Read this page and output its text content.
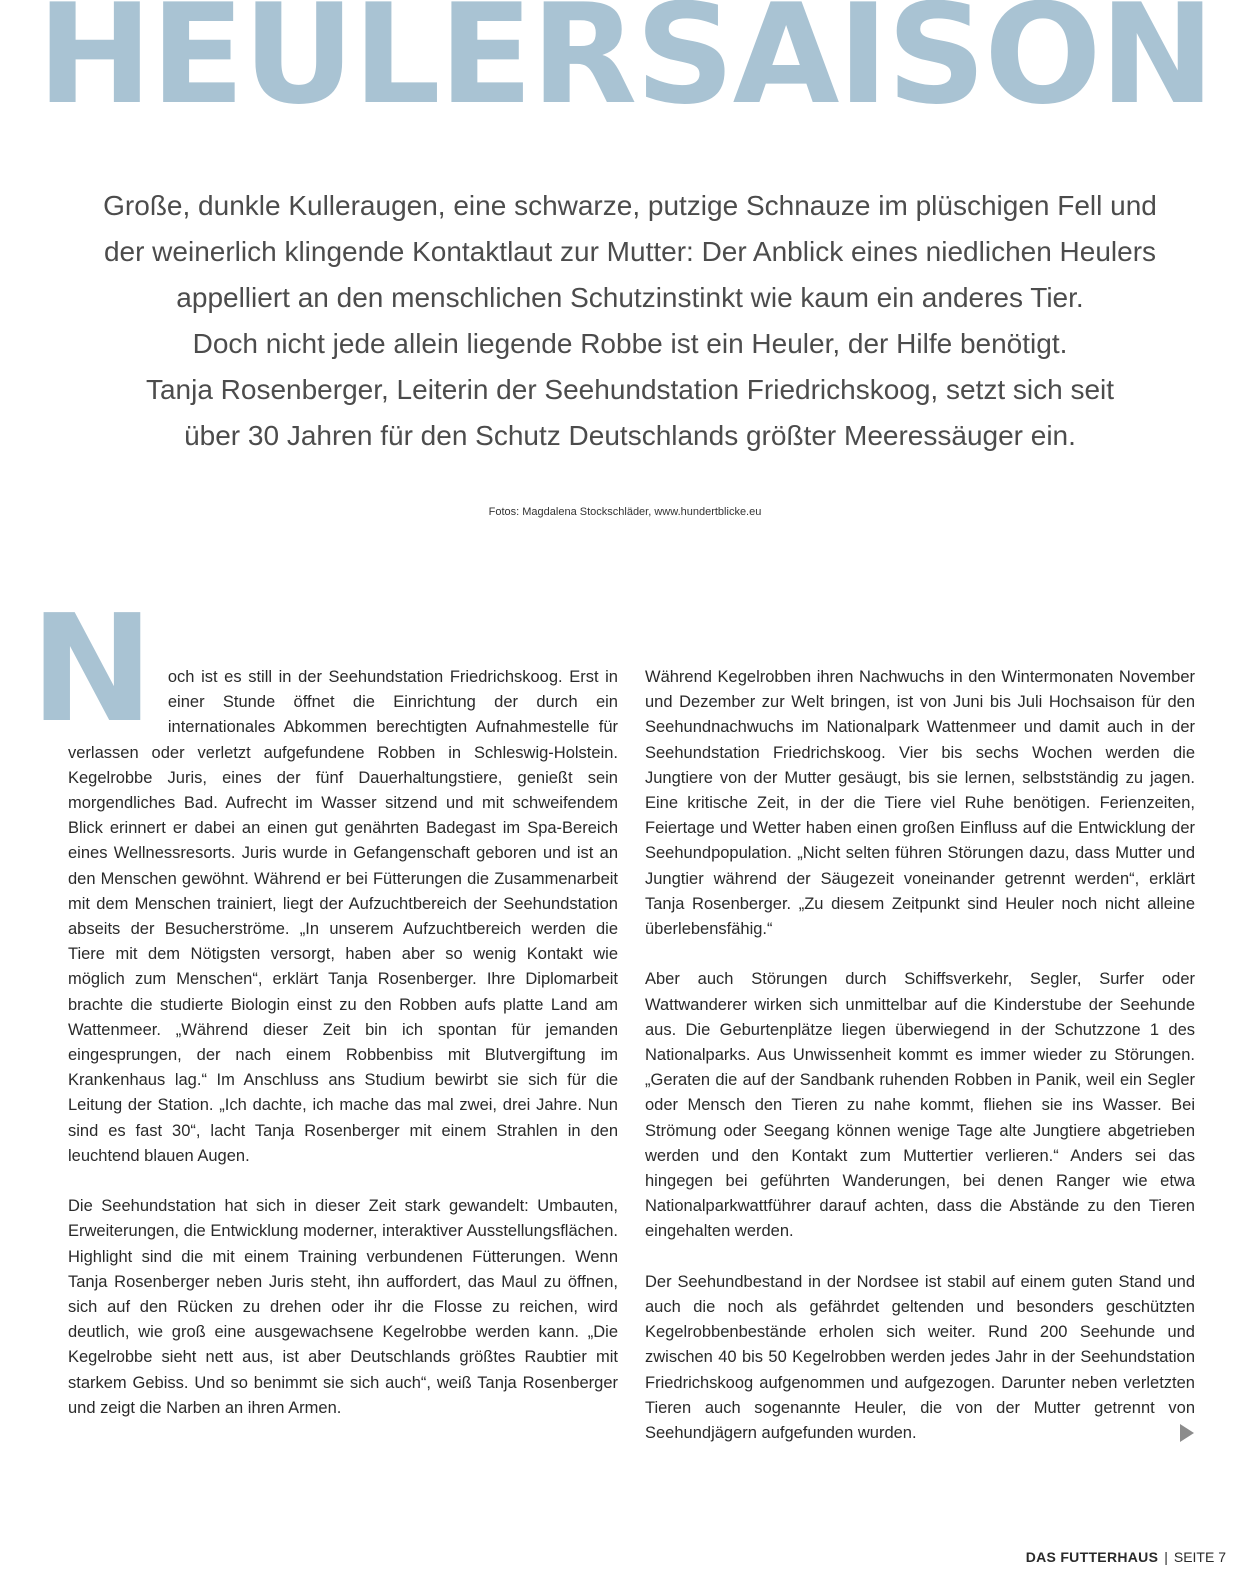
HEULERSAISON
Große, dunkle Kulleraugen, eine schwarze, putzige Schnauze im plüschigen Fell und
der weinerlich klingende Kontaktlaut zur Mutter: Der Anblick eines niedlichen Heulers
appelliert an den menschlichen Schutzinstinkt wie kaum ein anderes Tier.
Doch nicht jede allein liegende Robbe ist ein Heuler, der Hilfe benötigt.
Tanja Rosenberger, Leiterin der Seehundstation Friedrichskoog, setzt sich seit
über 30 Jahren für den Schutz Deutschlands größter Meeressäuger ein.
Fotos: Magdalena Stockschläder, www.hundertblicke.eu

Noch ist es still in der Seehundstation Friedrichskoog. Erst in einer Stunde öffnet die Einrichtung der durch ein internationales Abkommen berechtigten Aufnahmestelle für verlassen oder verletzt aufgefundene Robben in Schleswig-Holstein. Kegelrobbe Juris, eines der fünf Dauerhaltungstiere, genießt sein morgendliches Bad. Aufrecht im Wasser sitzend und mit schweifendem Blick erinnert er dabei an einen gut genährten Badegast im Spa-Bereich eines Wellnessresorts. Juris wurde in Gefangenschaft geboren und ist an den Menschen gewöhnt. Während er bei Fütterungen die Zusammenarbeit mit dem Menschen trainiert, liegt der Aufzuchtbereich der Seehundstation abseits der Besucherströme. „In unserem Aufzuchtbereich werden die Tiere mit dem Nötigsten versorgt, haben aber so wenig Kontakt wie möglich zum Menschen“, erklärt Tanja Rosenberger. Ihre Diplomarbeit brachte die studierte Biologin einst zu den Robben aufs platte Land am Wattenmeer. „Während dieser Zeit bin ich spontan für jemanden eingesprungen, der nach einem Robbenbiss mit Blutvergiftung im Krankenhaus lag.“ Im Anschluss ans Studium bewirbt sie sich für die Leitung der Station. „Ich dachte, ich mache das mal zwei, drei Jahre. Nun sind es fast 30“, lacht Tanja Rosenberger mit einem Strahlen in den leuchtend blauen Augen.

Die Seehundstation hat sich in dieser Zeit stark gewandelt: Umbauten, Erweiterungen, die Entwicklung moderner, interaktiver Ausstellungsflächen. Highlight sind die mit einem Training verbundenen Fütterungen. Wenn Tanja Rosenberger neben Juris steht, ihn auffordert, das Maul zu öffnen, sich auf den Rücken zu drehen oder ihr die Flosse zu reichen, wird deutlich, wie groß eine ausgewachsene Kegelrobbe werden kann. „Die Kegelrobbe sieht nett aus, ist aber Deutschlands größtes Raubtier mit starkem Gebiss. Und so benimmt sie sich auch“, weiß Tanja Rosenberger und zeigt die Narben an ihren Armen.

Während Kegelrobben ihren Nachwuchs in den Wintermonaten November und Dezember zur Welt bringen, ist von Juni bis Juli Hochsaison für den Seehundnachwuchs im Nationalpark Wattenmeer und damit auch in der Seehundstation Friedrichskoog. Vier bis sechs Wochen werden die Jungtiere von der Mutter gesäugt, bis sie lernen, selbstständig zu jagen. Eine kritische Zeit, in der die Tiere viel Ruhe benötigen. Ferienzeiten, Feiertage und Wetter haben einen großen Einfluss auf die Entwicklung der Seehundpopulation. „Nicht selten führen Störungen dazu, dass Mutter und Jungtier während der Säugezeit voneinander getrennt werden“, erklärt Tanja Rosenberger. „Zu diesem Zeitpunkt sind Heuler noch nicht alleine überlebensfähig.“

Aber auch Störungen durch Schiffsverkehr, Segler, Surfer oder Wattwanderer wirken sich unmittelbar auf die Kinderstube der Seehunde aus. Die Geburtenplätze liegen überwiegend in der Schutzzone 1 des Nationalparks. Aus Unwissenheit kommt es immer wieder zu Störungen. „Geraten die auf der Sandbank ruhenden Robben in Panik, weil ein Segler oder Mensch den Tieren zu nahe kommt, fliehen sie ins Wasser. Bei Strömung oder Seegang können wenige Tage alte Jungtiere abgetrieben werden und den Kontakt zum Muttertier verlieren.“ Anders sei das hingegen bei geführten Wanderungen, bei denen Ranger wie etwa Nationalparkwattführer darauf achten, dass die Abstände zu den Tieren eingehalten werden.

Der Seehundbestand in der Nordsee ist stabil auf einem guten Stand und auch die noch als gefährdet geltenden und besonders geschützten Kegelrobbenbestände erholen sich weiter. Rund 200 Seehunde und zwischen 40 bis 50 Kegelrobben werden jedes Jahr in der Seehundstation Friedrichskoog aufgenommen und aufgezogen. Darunter neben verletzten Tieren auch sogenannte Heuler, die von der Mutter getrennt von Seehundjägern aufgefunden wurden.

DAS FUTTERHAUS | SEITE 7
